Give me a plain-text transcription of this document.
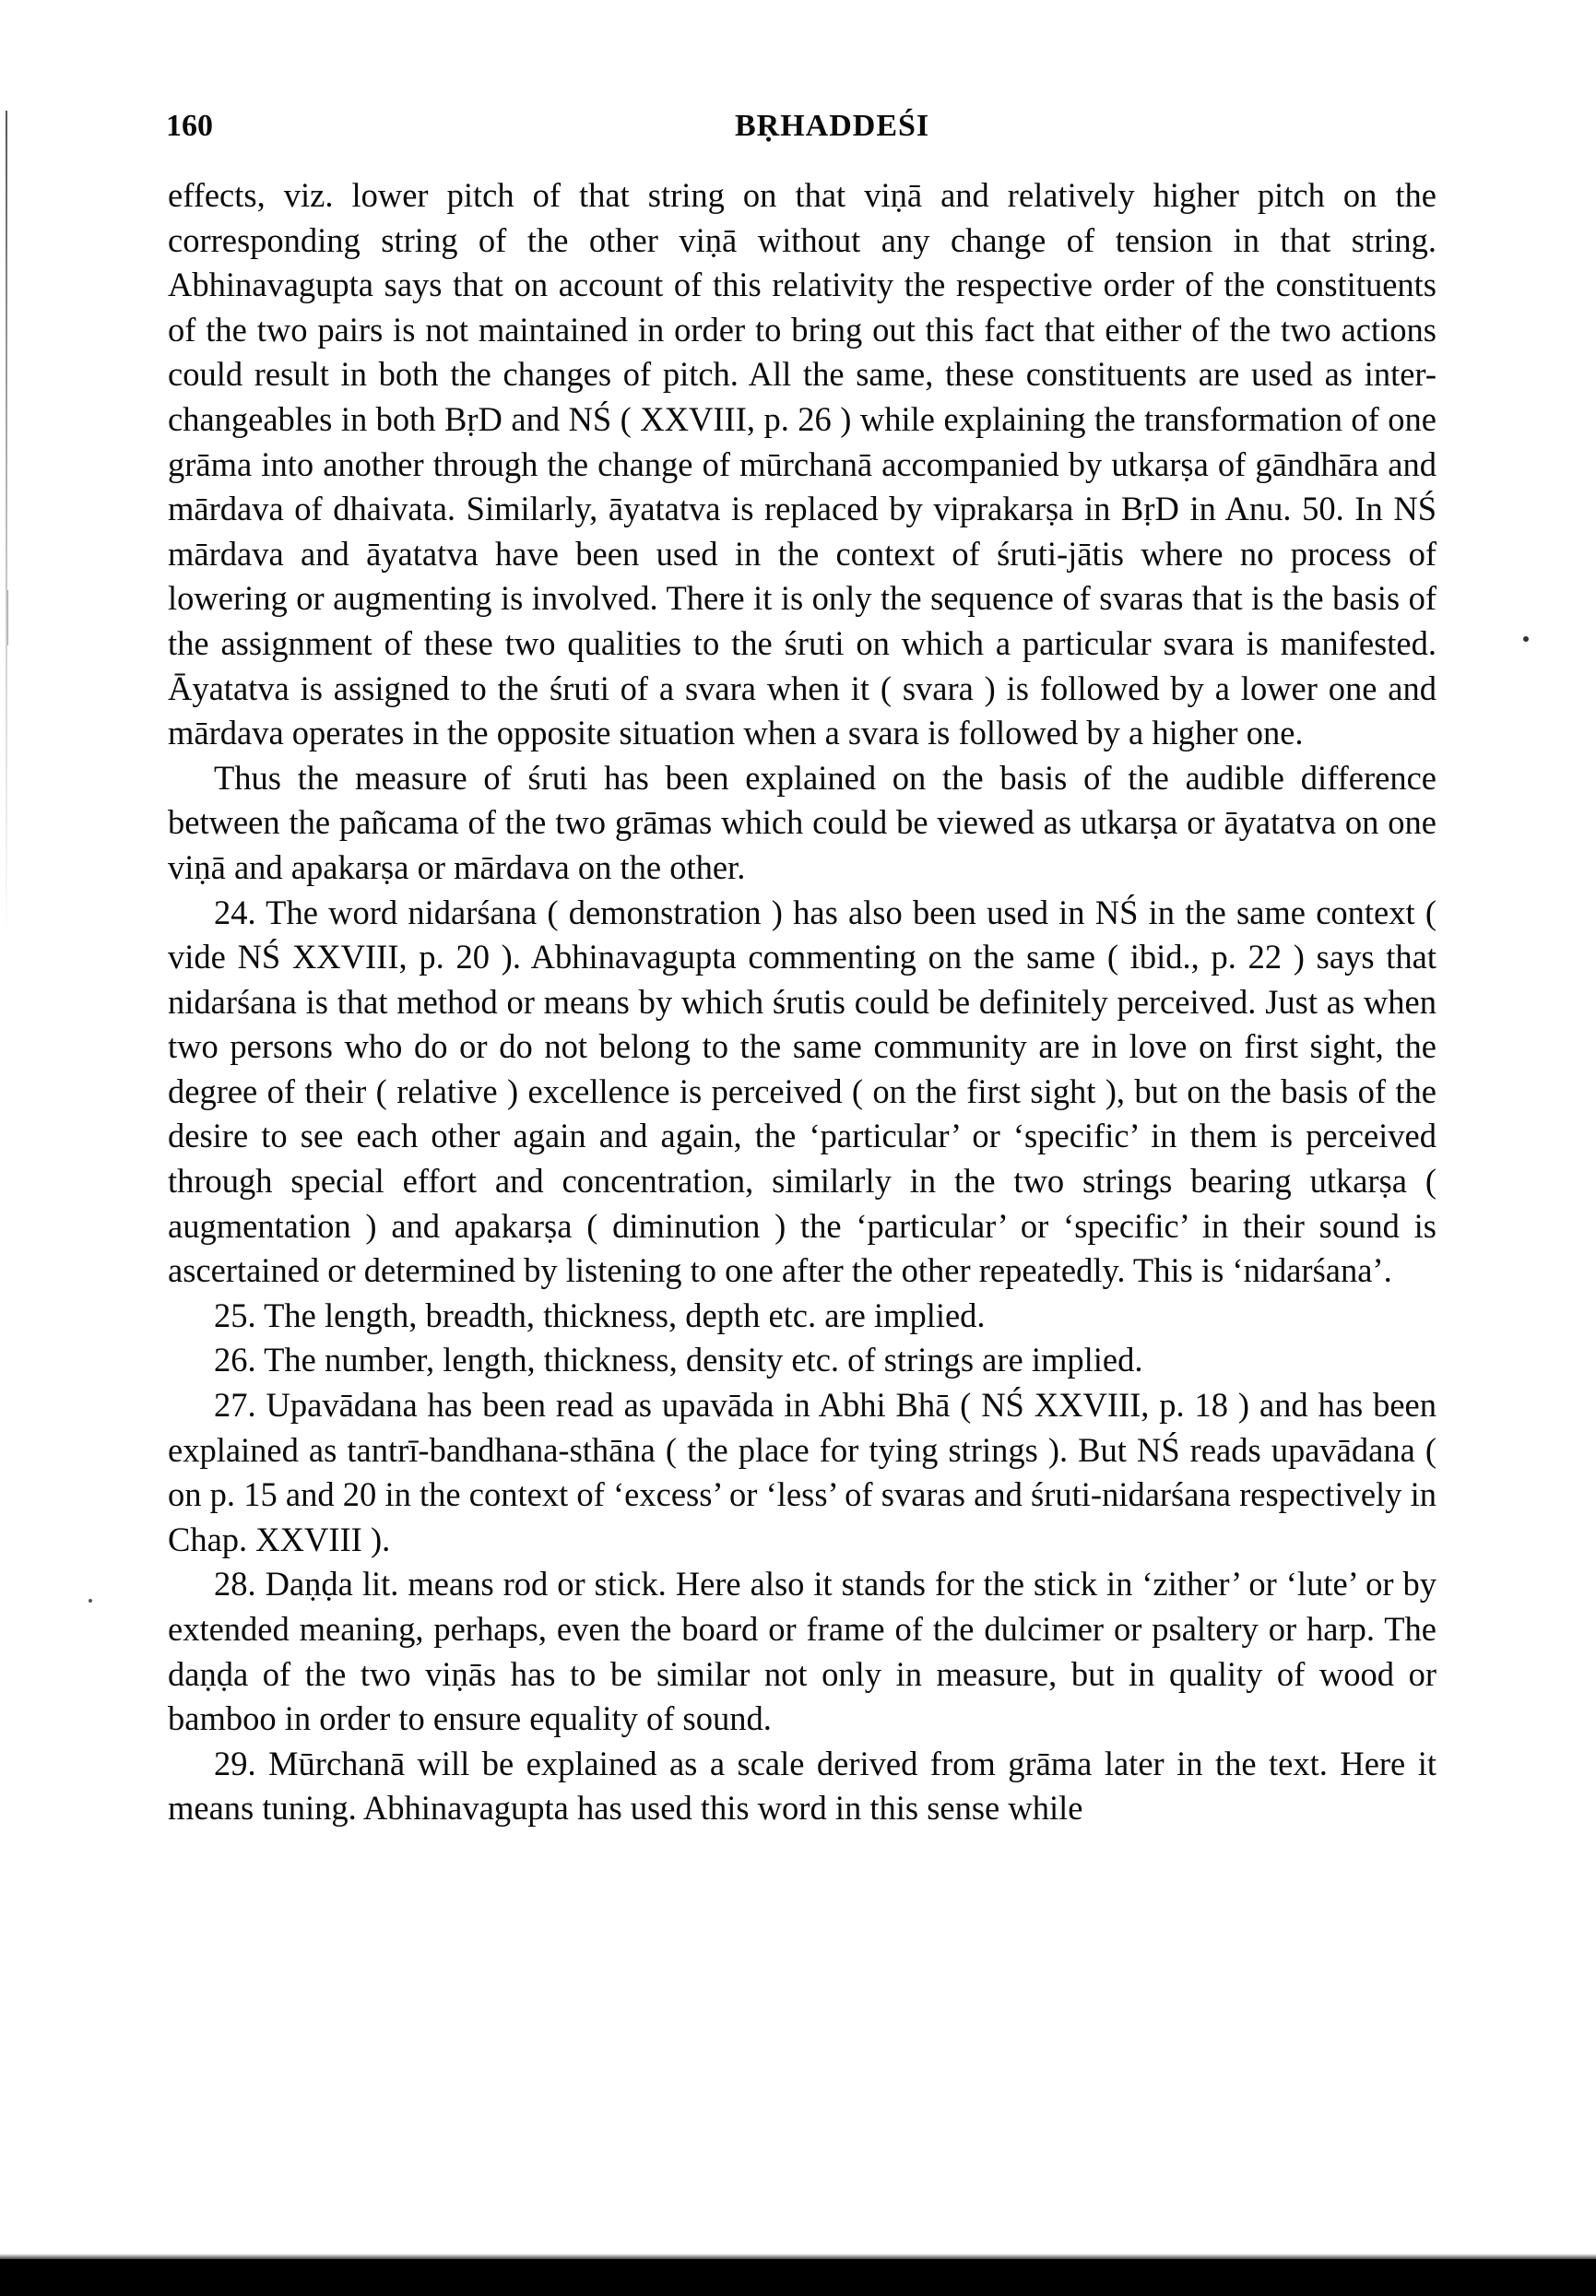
160	BṚHADDEŚI

effects, viz. lower pitch of that string on that viṇā and relatively higher pitch on the corresponding string of the other viṇā without any change of tension in that string. Abhinavagupta says that on account of this relativity the respective order of the constituents of the two pairs is not maintained in order to bring out this fact that either of the two actions could result in both the changes of pitch. All the same, these constituents are used as inter-changeables in both BṛD and NŚ ( XXVIII, p. 26 ) while explaining the transformation of one grāma into another through the change of mūrchanā accompanied by utkarṣa of gāndhāra and mārdava of dhaivata. Similarly, āyatatva is replaced by viprakarṣa in BṛD in Anu. 50. In NŚ mārdava and āyatatva have been used in the context of śruti-jātis where no process of lowering or augmenting is involved. There it is only the sequence of svaras that is the basis of the assignment of these two qualities to the śruti on which a particular svara is manifested. Āyatatva is assigned to the śruti of a svara when it ( svara ) is followed by a lower one and mārdava operates in the opposite situation when a svara is followed by a higher one.

Thus the measure of śruti has been explained on the basis of the audible difference between the pañcama of the two grāmas which could be viewed as utkarṣa or āyatatva on one viṇā and apakarṣa or mārdava on the other.

24. The word nidarśana ( demonstration ) has also been used in NŚ in the same context ( vide NŚ XXVIII, p. 20 ). Abhinavagupta commenting on the same ( ibid., p. 22 ) says that nidarśana is that method or means by which śrutis could be definitely perceived. Just as when two persons who do or do not belong to the same community are in love on first sight, the degree of their ( relative ) excellence is perceived ( on the first sight ), but on the basis of the desire to see each other again and again, the ‘particular’ or ‘specific’ in them is perceived through special effort and concentration, similarly in the two strings bearing utkarṣa ( augmentation ) and apakarṣa ( diminution ) the ‘particular’ or ‘specific’ in their sound is ascertained or determined by listening to one after the other repeatedly. This is ‘nidarśana’.

25. The length, breadth, thickness, depth etc. are implied.

26. The number, length, thickness, density etc. of strings are implied.

27. Upavādana has been read as upavāda in Abhi Bhā ( NŚ XXVIII, p. 18 ) and has been explained as tantrī-bandhana-sthāna ( the place for tying strings ). But NŚ reads upavādana ( on p. 15 and 20 in the context of ‘excess’ or ‘less’ of svaras and śruti-nidarśana respectively in Chap. XXVIII ).

28. Daṇḍa lit. means rod or stick. Here also it stands for the stick in ‘zither’ or ‘lute’ or by extended meaning, perhaps, even the board or frame of the dulcimer or psaltery or harp. The daṇḍa of the two viṇās has to be similar not only in measure, but in quality of wood or bamboo in order to ensure equality of sound.

29. Mūrchanā will be explained as a scale derived from grāma later in the text. Here it means tuning. Abhinavagupta has used this word in this sense while
